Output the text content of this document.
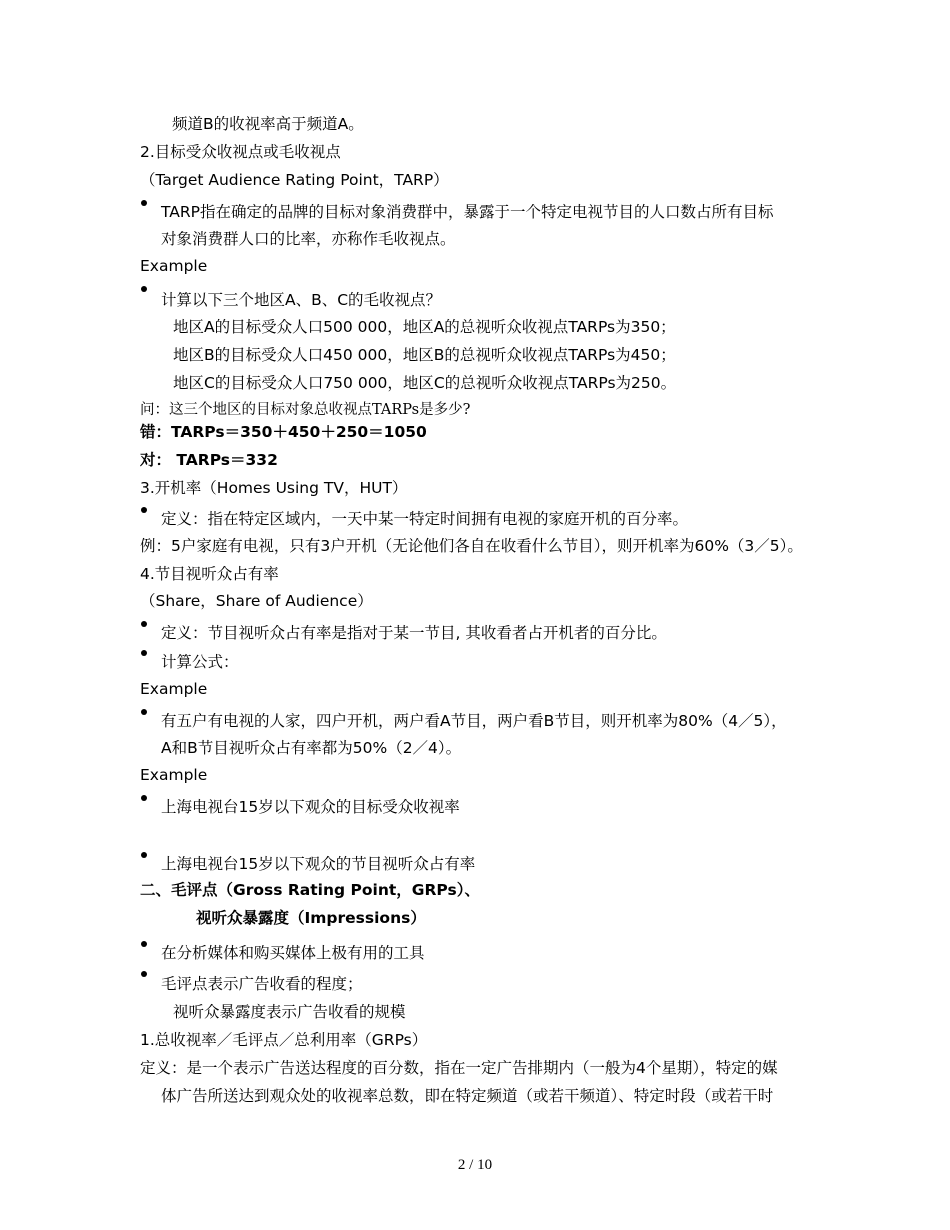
频道B的收视率高于频道A。
2.目标受众收视点或毛收视点
（Target Audience Rating Point，TARP）
TARP指在确定的品牌的目标对象消费群中，暴露于一个特定电视节目的人口数占所有目标
对象消费群人口的比率，亦称作毛收视点。
Example
计算以下三个地区A、B、C的毛收视点？
地区A的目标受众人口500 000，地区A的总视听众收视点TARPs为350；
地区B的目标受众人口450 000，地区B的总视听众收视点TARPs为450；
地区C的目标受众人口750 000，地区C的总视听众收视点TARPs为250。
问：这三个地区的目标对象总收视点TARPs是多少?
错：TARPs＝350＋450＋250＝1050
对： TARPs＝332
3.开机率（Homes Using TV，HUT）
定义：指在特定区域内，一天中某一特定时间拥有电视的家庭开机的百分率。
例：5户家庭有电视，只有3户开机（无论他们各自在收看什么节目），则开机率为60%（3／5）。
4.节目视听众占有率
（Share，Share of Audience）
定义：节目视听众占有率是指对于某一节目, 其收看者占开机者的百分比。
计算公式：
Example
有五户有电视的人家，四户开机，两户看A节目，两户看B节目，则开机率为80%（4／5），
A和B节目视听众占有率都为50%（2／4）。
Example
上海电视台15岁以下观众的目标受众收视率
上海电视台15岁以下观众的节目视听众占有率
二、毛评点（Gross Rating Point，GRPs）、
视听众暴露度（Impressions）
在分析媒体和购买媒体上极有用的工具
毛评点表示广告收看的程度；
视听众暴露度表示广告收看的规模
1.总收视率／毛评点／总利用率（GRPs）
定义：是一个表示广告送达程度的百分数，指在一定广告排期内（一般为4个星期），特定的媒
体广告所送达到观众处的收视率总数，即在特定频道（或若干频道）、特定时段（或若干时
2 / 10
